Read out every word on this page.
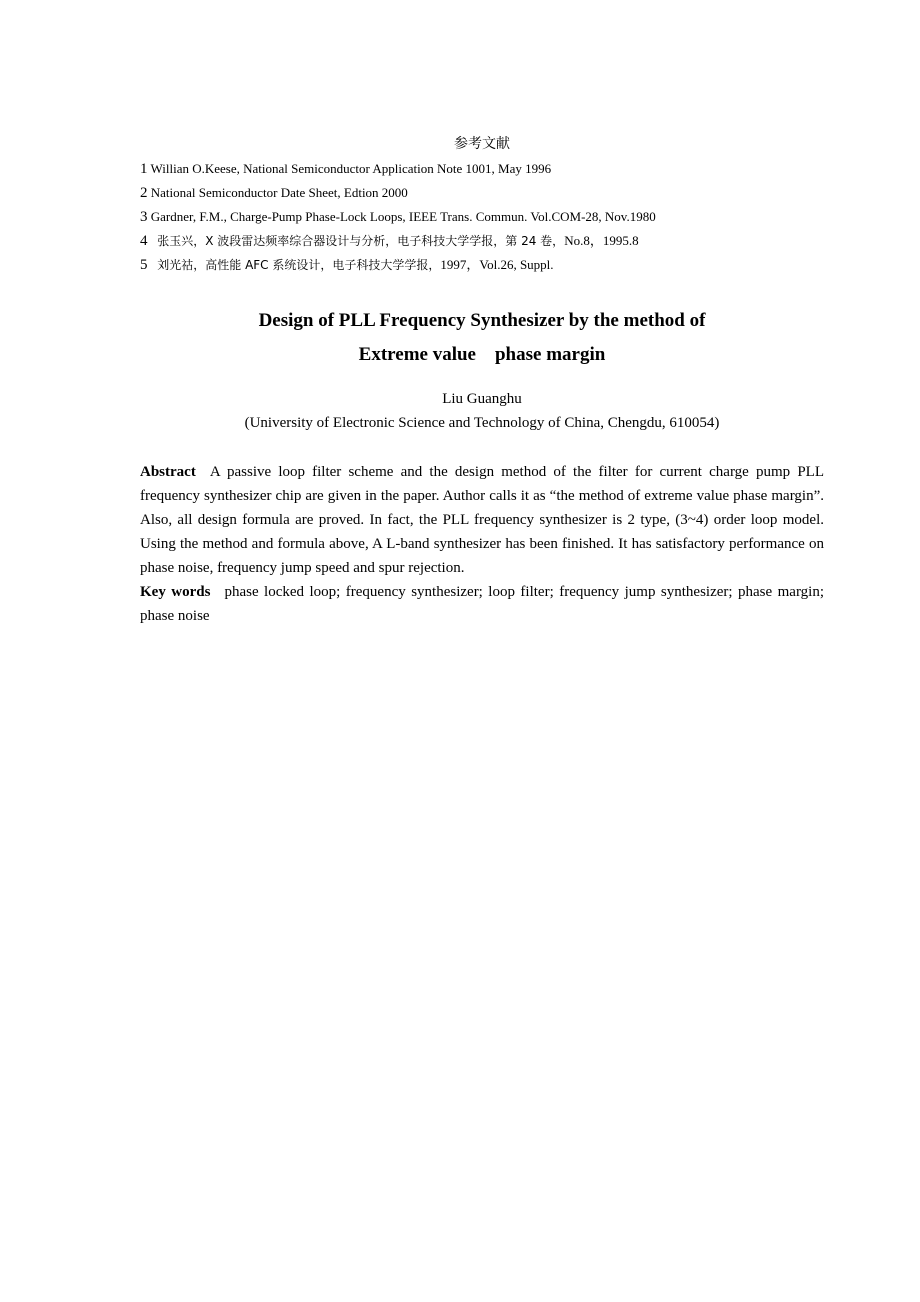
参考文献
1 Willian O.Keese, National Semiconductor Application Note 1001, May 1996
2 National Semiconductor Date Sheet, Edtion 2000
3 Gardner, F.M., Charge-Pump Phase-Lock Loops, IEEE Trans. Commun. Vol.COM-28, Nov.1980
4 张玉兴，X 波段雷达频率综合器设计与分析，电子科技大学学报，第 24 卷，No.8，1995.8
5 刘光祜，高性能 AFC 系统设计，电子科技大学学报，1997，Vol.26, Suppl.
Design of PLL Frequency Synthesizer by the method of
Extreme value    phase margin
Liu Guanghu
(University of Electronic Science and Technology of China, Chengdu, 610054)
Abstract A passive loop filter scheme and the design method of the filter for current charge pump PLL frequency synthesizer chip are given in the paper. Author calls it as “the method of extreme value phase margin”. Also, all design formula are proved. In fact, the PLL frequency synthesizer is 2 type, (3~4) order loop model. Using the method and formula above, A L-band synthesizer has been finished. It has satisfactory performance on phase noise, frequency jump speed and spur rejection.
Key words phase locked loop; frequency synthesizer; loop filter; frequency jump synthesizer; phase margin; phase noise
